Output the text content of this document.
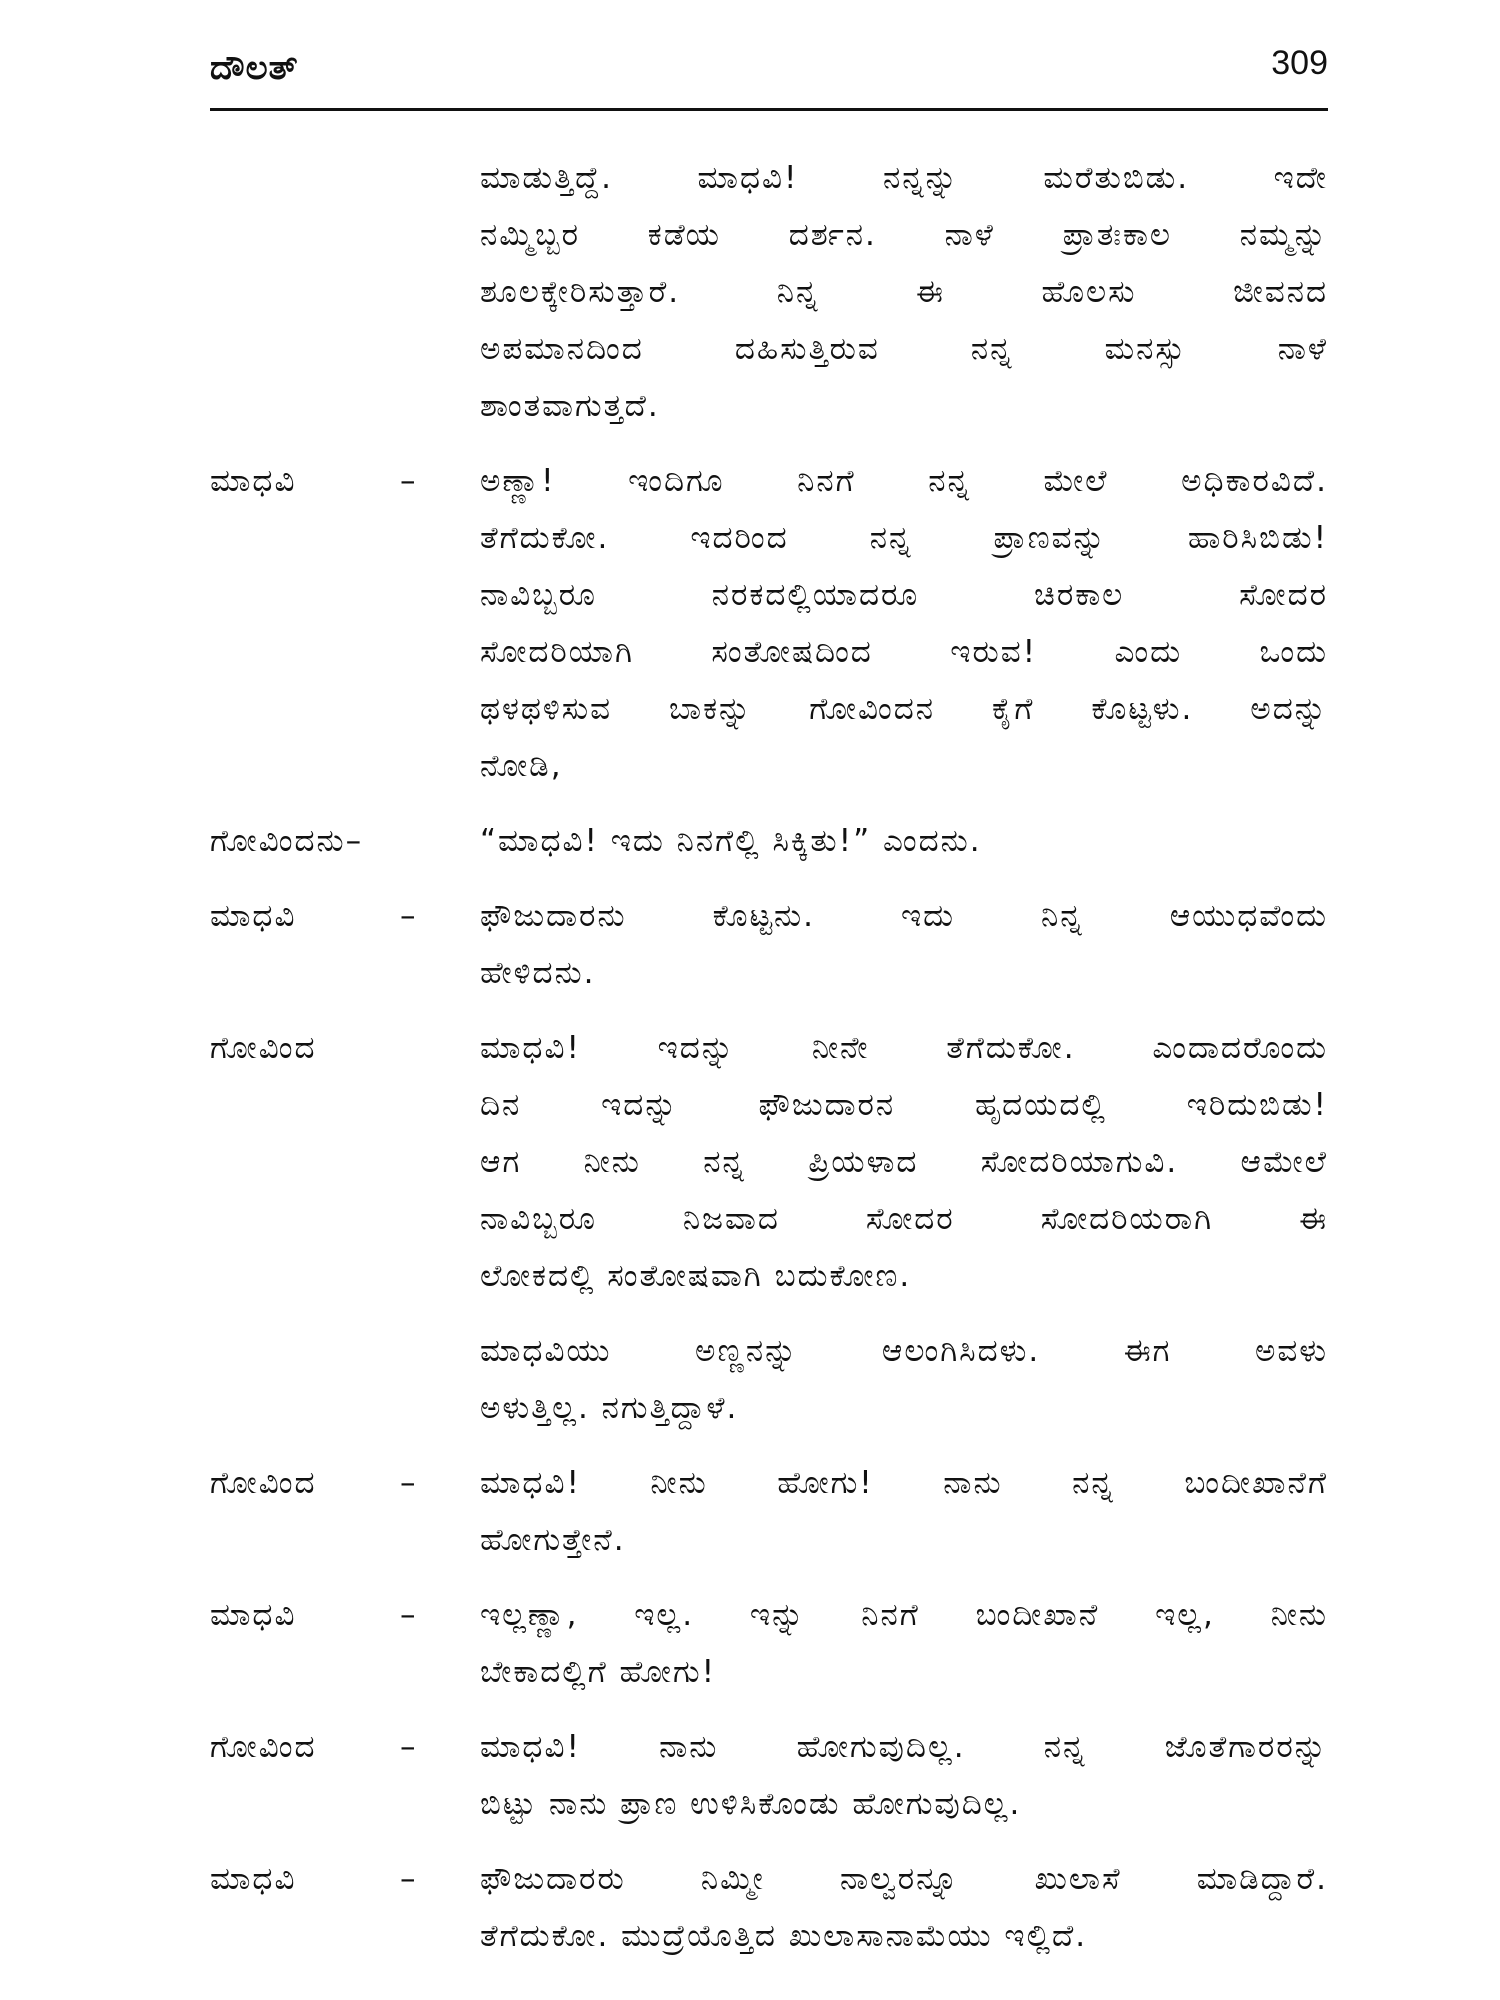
ದೌಲತ್	309
ಮಾಡುತ್ತಿದ್ದೆ. ಮಾಧವಿ! ನನ್ನನ್ನು ಮರೆತುಬಿಡು. ಇದೇ
ನಮ್ಮಿಬ್ಬರ ಕಡೆಯ ದರ್ಶನ. ನಾಳೆ ಪ್ರಾತಃಕಾಲ ನಮ್ಮನ್ನು
ಶೂಲಕ್ಕೇರಿಸುತ್ತಾರೆ. ನಿನ್ನ ಈ ಹೊಲಸು ಜೀವನದ
ಅಪಮಾನದಿಂದ ದಹಿಸುತ್ತಿರುವ ನನ್ನ ಮನಸ್ಸು ನಾಳೆ
ಶಾಂತವಾಗುತ್ತದೆ.
ಮಾಧವಿ	–	ಅಣ್ಣಾ! ಇಂದಿಗೂ ನಿನಗೆ ನನ್ನ ಮೇಲೆ ಅಧಿಕಾರವಿದೆ.
ತೆಗೆದುಕೋ. ಇದರಿಂದ ನನ್ನ ಪ್ರಾಣವನ್ನು ಹಾರಿಸಿಬಿಡು!
ನಾವಿಬ್ಬರೂ ನರಕದಲ್ಲಿಯಾದರೂ ಚಿರಕಾಲ ಸೋದರ
ಸೋದರಿಯಾಗಿ ಸಂತೋಷದಿಂದ ಇರುವ! ಎಂದು ಒಂದು
ಥಳಥಳಿಸುವ ಬಾಕನ್ನು ಗೋವಿಂದನ ಕೈಗೆ ಕೊಟ್ಟಳು. ಅದನ್ನು
ನೋಡಿ,
ಗೋವಿಂದನು–	“ಮಾಧವಿ! ಇದು ನಿನಗೆಲ್ಲಿ ಸಿಕ್ಕಿತು!” ಎಂದನು.
ಮಾಧವಿ	–	ಫೌಜುದಾರನು ಕೊಟ್ಟನು. ಇದು ನಿನ್ನ ಆಯುಧವೆಂದು
ಹೇಳಿದನು.
ಗೋವಿಂದ	ಮಾಧವಿ! ಇದನ್ನು ನೀನೇ ತೆಗೆದುಕೋ. ಎಂದಾದರೊಂದು
ದಿನ ಇದನ್ನು ಫೌಜುದಾರನ ಹೃದಯದಲ್ಲಿ ಇರಿದುಬಿಡು!
ಆಗ ನೀನು ನನ್ನ ಪ್ರಿಯಳಾದ ಸೋದರಿಯಾಗುವಿ. ಆಮೇಲೆ
ನಾವಿಬ್ಬರೂ ನಿಜವಾದ ಸೋದರ ಸೋದರಿಯರಾಗಿ ಈ
ಲೋಕದಲ್ಲಿ ಸಂತೋಷವಾಗಿ ಬದುಕೋಣ.
ಮಾಧವಿಯು ಅಣ್ಣನನ್ನು ಆಲಂಗಿಸಿದಳು. ಈಗ ಅವಳು
ಅಳುತ್ತಿಲ್ಲ. ನಗುತ್ತಿದ್ದಾಳೆ.
ಗೋವಿಂದ	–	ಮಾಧವಿ! ನೀನು ಹೋಗು! ನಾನು ನನ್ನ ಬಂದೀಖಾನೆಗೆ
ಹೋಗುತ್ತೇನೆ.
ಮಾಧವಿ	–	ಇಲ್ಲಣ್ಣಾ, ಇಲ್ಲ. ಇನ್ನು ನಿನಗೆ ಬಂದೀಖಾನೆ ಇಲ್ಲ, ನೀನು
ಬೇಕಾದಲ್ಲಿಗೆ ಹೋಗು!
ಗೋವಿಂದ	–	ಮಾಧವಿ! ನಾನು ಹೋಗುವುದಿಲ್ಲ. ನನ್ನ ಜೊತೆಗಾರರನ್ನು
ಬಿಟ್ಟು ನಾನು ಪ್ರಾಣ ಉಳಿಸಿಕೊಂಡು ಹೋಗುವುದಿಲ್ಲ.
ಮಾಧವಿ	–	ಫೌಜುದಾರರು ನಿಮ್ಮೀ ನಾಲ್ವರನ್ನೂ ಖುಲಾಸೆ ಮಾಡಿದ್ದಾರೆ.
ತೆಗೆದುಕೋ. ಮುದ್ರೆಯೊತ್ತಿದ ಖುಲಾಸಾನಾಮೆಯು ಇಲ್ಲಿದೆ.
